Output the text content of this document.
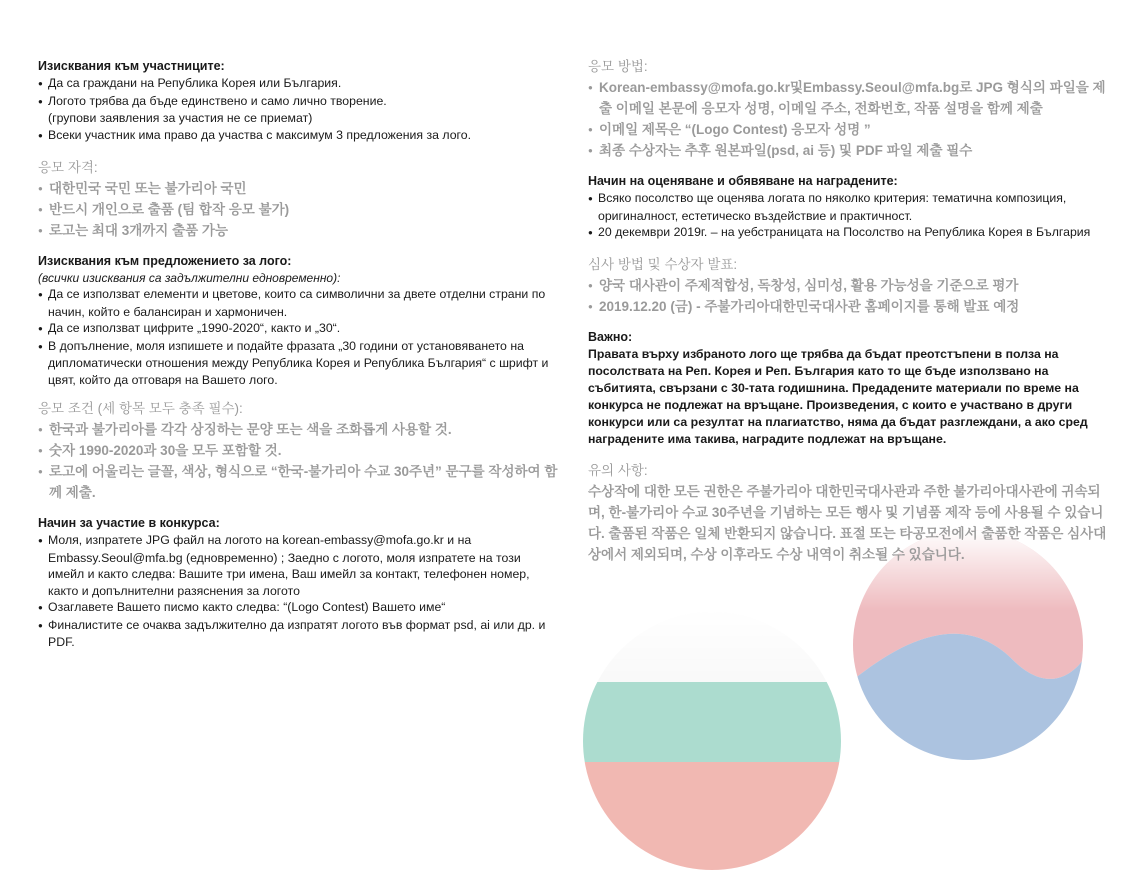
Изисквания към участниците:

● Да са граждани на Република Корея или България.

● Логото трябва да бъде единствено и само лично творение.

(групови заявления за участия не се приемат)

● Всеки участник има право да участва с максимум 3 предложения за лого.

응모 자격:

● 대한민국 국민 또는 불가리아 국민

● 반드시 개인으로 출품 (팀 합작 응모 불가)

● 로고는 최대 3개까지 출품 가능

Изисквания към предложението за лого:

(всички изисквания са задължителни едновременно):

● Да се използват елементи и цветове, които са символични за двете отделни страни по начин, който е балансиран и хармоничен.

● Да се използват цифрите „1990-2020“, както и „30“.

● В допълнение, моля изпишете и подайте фразата „30 години от установяването на дипломатически отношения между Република Корея и Република България“ с шрифт и цвят, който да отговаря на Вашето лого.

응모 조건 (세 항목 모두 충족 필수):

● 한국과 불가리아를 각각 상징하는 문양 또는 색을 조화롭게 사용할 것.

● 숫자 1990-2020과 30을 모두 포함할 것.

● 로고에 어울리는 글꼴, 색상, 형식으로 “한국-불가리아 수교 30주년” 문구를 작성하여 함께 제출.

Начин за участие в конкурса:

● Моля, изпратете JPG файл на логото на korean-embassy@mofa.go.kr и на Embassy.Seoul@mfa.bg (едновременно) ; Заедно с логото, моля изпратете на този имейл и както следва: Вашите три имена, Ваш имейл за контакт, телефонен номер, както и допълнителни разяснения за логото

● Озаглавете Вашето писмо както следва: “(Logo Contest) Вашето име“

● Финалистите се очаква задължително да изпратят логото във формат psd, ai или др. и PDF.

응모 방법:

● Korean-embassy@mofa.go.kr및Embassy.Seoul@mfa.bg로 JPG 형식의 파일을 제출 이메일 본문에 응모자 성명, 이메일 주소, 전화번호, 작품 설명을 함께 제출

● 이메일 제목은 “(Logo Contest) 응모자 성명 ”

● 최종 수상자는 추후 원본파일(psd, ai 등) 및 PDF 파일 제출 필수

Начин на оценяване и обявяване на наградените:

● Всяко посолство ще оценява логата по няколко критерия: тематична композиция, оригиналност, естетическо въздействие и практичност.

● 20 декември 2019г. – на уебстраницата на Посолство на Република Корея в България

심사 방법 및 수상자 발표:

● 양국 대사관이 주제적합성, 독창성, 심미성, 활용 가능성을 기준으로 평가

● 2019.12.20 (금) - 주불가리아대한민국대사관 홈페이지를 통해 발표 예정

Важно:

Правата върху избраното лого ще трябва да бъдат преотстъпени в полза на посолствата на Реп. Корея и Реп. България като то ще бъде използвано на събитията, свързани с 30-тата годишнина. Предадените материали по време на конкурса не подлежат на връщане. Произведения, с които е участвано в други конкурси или са резултат на плагиатство, няма да бъдат разглеждани, а ако сред наградените има такива, наградите подлежат на връщане.

유의 사항:

수상작에 대한 모든 권한은 주불가리아 대한민국대사관과 주한 불가리아대사관에 귀속되며, 한-불가리아 수교 30주년을 기념하는 모든 행사 및 기념품 제작 등에 사용될 수 있습니다. 출품된 작품은 일체 반환되지 않습니다. 표절 또는 타공모전에서 출품한 작품은 심사대상에서 제외되며, 수상 이후라도 수상 내역이 취소될 수 있습니다.
